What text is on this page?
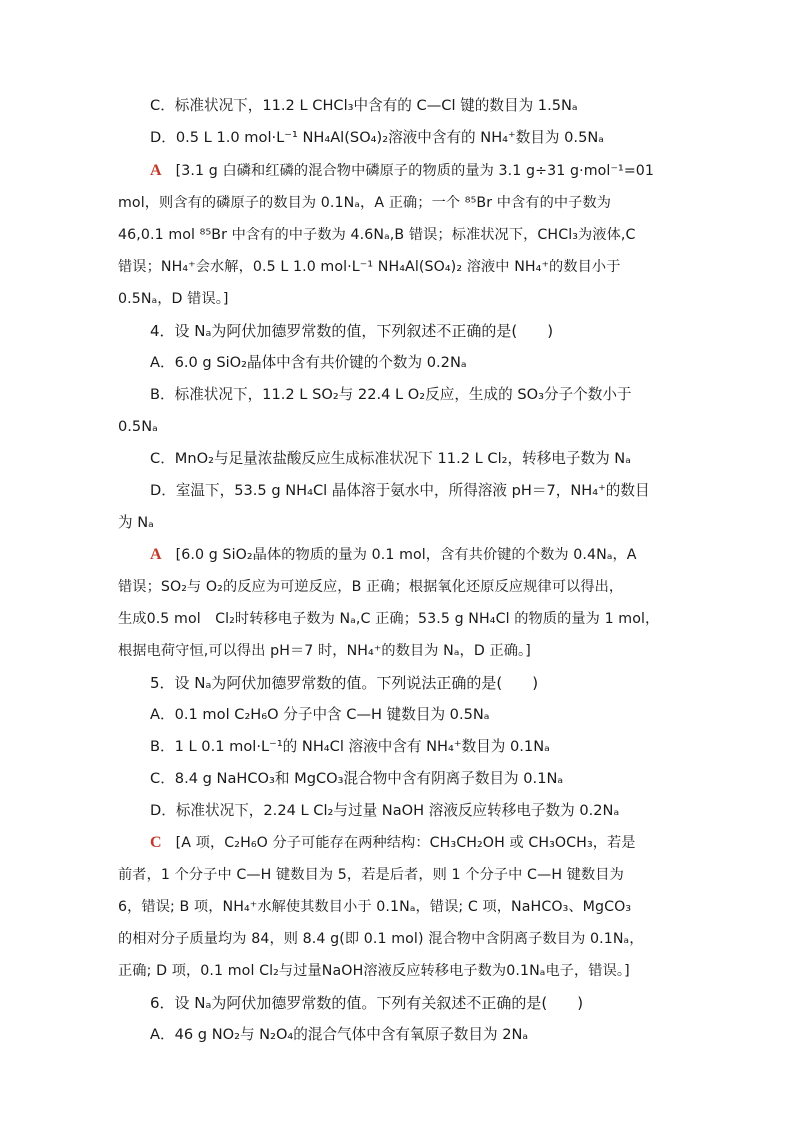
C．标准状况下，11.2 L CHCl₃中含有的 C—Cl 键的数目为 1.5Nₐ
D．0.5 L 1.0 mol·L⁻¹ NH₄Al(SO₄)₂溶液中含有的 NH₄⁺数目为 0.5Nₐ
A [3.1 g 白磷和红磷的混合物中磷原子的物质的量为 3.1 g÷31 g·mol⁻¹=01
mol，则含有的磷原子的数目为 0.1Nₐ，A 正确；一个 ⁸⁵Br 中含有的中子数为
46,0.1 mol ⁸⁵Br 中含有的中子数为 4.6Nₐ,B 错误；标准状况下，CHCl₃为液体,C
错误；NH₄⁺会水解，0.5 L 1.0 mol·L⁻¹ NH₄Al(SO₄)₂ 溶液中 NH₄⁺的数目小于
0.5Nₐ，D 错误。]
4．设 Nₐ为阿伏加德罗常数的值，下列叙述不正确的是(　　)
A．6.0 g SiO₂晶体中含有共价键的个数为 0.2Nₐ
B．标准状况下，11.2 L SO₂与 22.4 L O₂反应，生成的 SO₃分子个数小于
0.5Nₐ
C．MnO₂与足量浓盐酸反应生成标准状况下 11.2 L Cl₂，转移电子数为 Nₐ
D．室温下，53.5 g NH₄Cl 晶体溶于氨水中，所得溶液 pH＝7，NH₄⁺的数目
为 Nₐ
A [6.0 g SiO₂晶体的物质的量为 0.1 mol，含有共价键的个数为 0.4Nₐ，A
错误；SO₂与 O₂的反应为可逆反应，B 正确；根据氧化还原反应规律可以得出，
生成0.5 mol　Cl₂时转移电子数为 Nₐ,C 正确；53.5 g NH₄Cl 的物质的量为 1 mol，
根据电荷守恒,可以得出 pH＝7 时，NH₄⁺的数目为 Nₐ，D 正确。]
5．设 Nₐ为阿伏加德罗常数的值。下列说法正确的是(　　)
A．0.1 mol C₂H₆O 分子中含 C—H 键数目为 0.5Nₐ
B．1 L 0.1 mol·L⁻¹的 NH₄Cl 溶液中含有 NH₄⁺数目为 0.1Nₐ
C．8.4 g NaHCO₃和 MgCO₃混合物中含有阴离子数目为 0.1Nₐ
D．标准状况下，2.24 L Cl₂与过量 NaOH 溶液反应转移电子数为 0.2Nₐ
C [A 项，C₂H₆O 分子可能存在两种结构：CH₃CH₂OH 或 CH₃OCH₃，若是
前者，1 个分子中 C—H 键数目为 5，若是后者，则 1 个分子中 C—H 键数目为
6，错误; B 项，NH₄⁺水解使其数目小于 0.1Nₐ，错误; C 项，NaHCO₃、MgCO₃
的相对分子质量均为 84，则 8.4 g(即 0.1 mol) 混合物中含阴离子数目为 0.1Nₐ，
正确; D 项，0.1 mol Cl₂与过量NaOH溶液反应转移电子数为0.1Nₐ电子，错误。]
6．设 Nₐ为阿伏加德罗常数的值。下列有关叙述不正确的是(　　)
A．46 g NO₂与 N₂O₄的混合气体中含有氧原子数目为 2Nₐ
